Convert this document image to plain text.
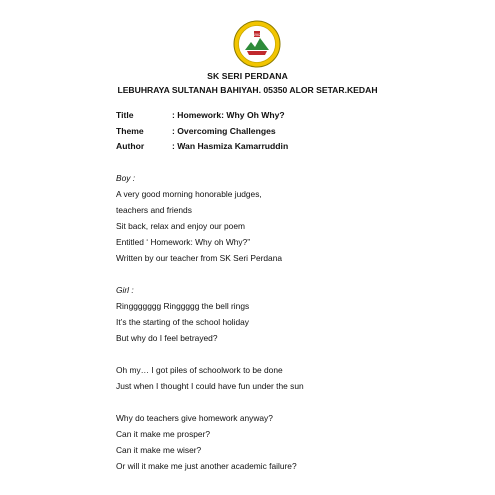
1962
SK SERI PERDANA
LEBUHRAYA SULTANAH BAHIYAH. 05350 ALOR SETAR.KEDAH
Title	: Homework: Why Oh Why?
Theme	: Overcoming Challenges
Author	: Wan Hasmiza Kamarruddin
Boy :
A very good morning honorable judges,
teachers and friends
Sit back, relax and enjoy our poem
Entitled ‘ Homework: Why oh Why?”
Written by our teacher from SK Seri Perdana
Girl :
Ringgggggg Ringgggg the bell rings
It’s the starting of the school holiday
But why do I feel betrayed?
Oh my… I got piles of schoolwork to be done
Just when I thought I could have fun under the sun
Why do teachers give homework anyway?
Can it make me prosper?
Can it make me wiser?
Or will it make me just another academic failure?
